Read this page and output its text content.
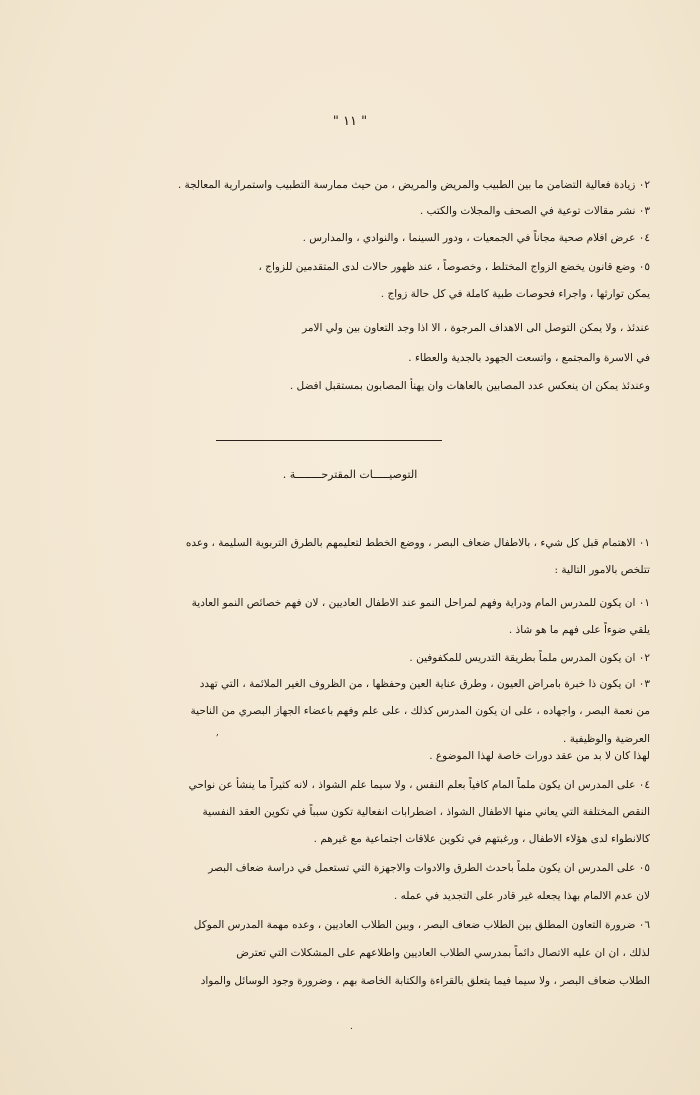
" ١١ "
٠٢ زيادة فعالية التضامن ما بين الطبيب والمريض والمريض ، من حيث ممارسة التطبيب واستمرارية المعالجة .
٠٣ نشر مقالات توعية في الصحف والمجلات والكتب .
٠٤ عرض افلام صحية مجاناً في الجمعيات ، ودور السينما ، والنوادي ، والمدارس .
٠٥ وضع قانون يخضع الزواج المختلط ، وخصوصاً ، عند ظهور حالات لدى المتقدمين للزواج ،
يمكن توارثها ، واجراء فحوصات طبية كاملة في كل حالة زواج .
عندئذ ، ولا يمكن التوصل الى الاهداف المرجوة ، الا اذا وجد التعاون بين ولي الامر
في الاسرة والمجتمع ، واتسعت الجهود بالجدية والعطاء .
وعندئذ يمكن ان ينعكس عدد المصابين بالعاهات وان يهنأ المصابون بمستقبل افضل .
التوصيـــــات المقترحــــــــة .
٠١ الاهتمام قبل كل شيء ، بالاطفال ضعاف البصر ، ووضع الخطط لتعليمهم بالطرق التربوية السليمة ، وعده
تتلخص بالامور التالية :
٠١ ان يكون للمدرس المام ودراية وفهم لمراحل النمو عند الاطفال العاديين ، لان فهم خصائص النمو العادية
يلقي ضوءاً على فهم ما هو شاذ .
٠٢ ان يكون المدرس ملماً بطريقة التدريس للمكفوفين .
٠٣ ان يكون ذا خبرة بامراض العيون ، وطرق عناية العين وحفظها ، من الظروف الغير الملائمة ، التي تهدد
من نعمة البصر ، واجهاده ، على ان يكون المدرس كذلك ، على علم وفهم باعضاء الجهاز البصري من الناحية
العرضية والوظيفية .
,
لهذا كان لا بد من عقد دورات خاصة لهذا الموضوع .
٠٤ على المدرس ان يكون ملماً المام كافياً بعلم النفس ، ولا سيما علم الشواذ ، لانه كثيراً ما ينشأ عن نواحي
النقص المختلفة التي يعاني منها الاطفال الشواذ ، اضطرابات انفعالية تكون سبباً في تكوين العقد النفسية
كالانطواء لدى هؤلاء الاطفال ، ورغبتهم في تكوين علاقات اجتماعية مع غيرهم .
٠٥ على المدرس ان يكون ملماً باحدث الطرق والادوات والاجهزة التي تستعمل في دراسة ضعاف البصر
لان عدم الالمام بهذا يجعله غير قادر على التجديد في عمله .
٠٦ ضرورة التعاون المطلق بين الطلاب ضعاف البصر ، وبين الطلاب العاديين ، وعده مهمة المدرس الموكل
لذلك ، ان ان عليه الاتصال دائماً بمدرسي الطلاب العاديين واطلاعهم على المشكلات التي تعترض
الطلاب ضعاف البصر ، ولا سيما فيما يتعلق بالقراءة والكتابة الخاصة بهم ، وضرورة وجود الوسائل والمواد
.
